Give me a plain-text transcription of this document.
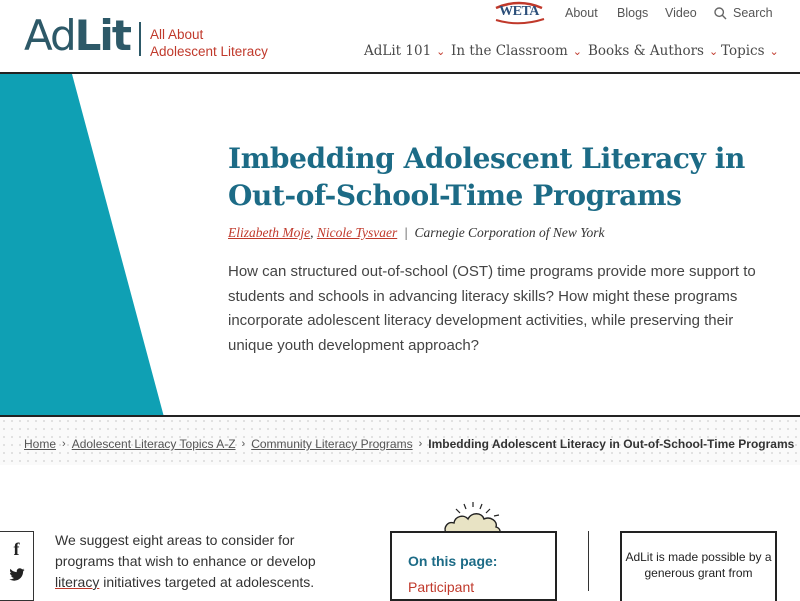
AdLit All About
Adolescent Literacy
WETA	About Blogs Video	Search
AdLit 101 ⌄ In the Classroom ⌄ Books & Authors ⌄ Topics ⌄
Imbedding Adolescent Literacy in Out-of-School-Time Programs
Elizabeth Moje, Nicole Tysvaer  |  Carnegie Corporation of New York

How can structured out-of-school (OST) time programs provide more support to students and schools in advancing literacy skills? How might these programs incorporate adolescent literacy development activities, while preserving their unique youth development approach?

Home › Adolescent Literacy Topics A-Z › Community Literacy Programs › Imbedding Adolescent Literacy in Out-of-School-Time Programs
f	We suggest eight areas to consider for programs that wish to enhance or develop literacy initiatives targeted at adolescents.

On this page:
Participant
AdLit is made possible by a generous grant from
